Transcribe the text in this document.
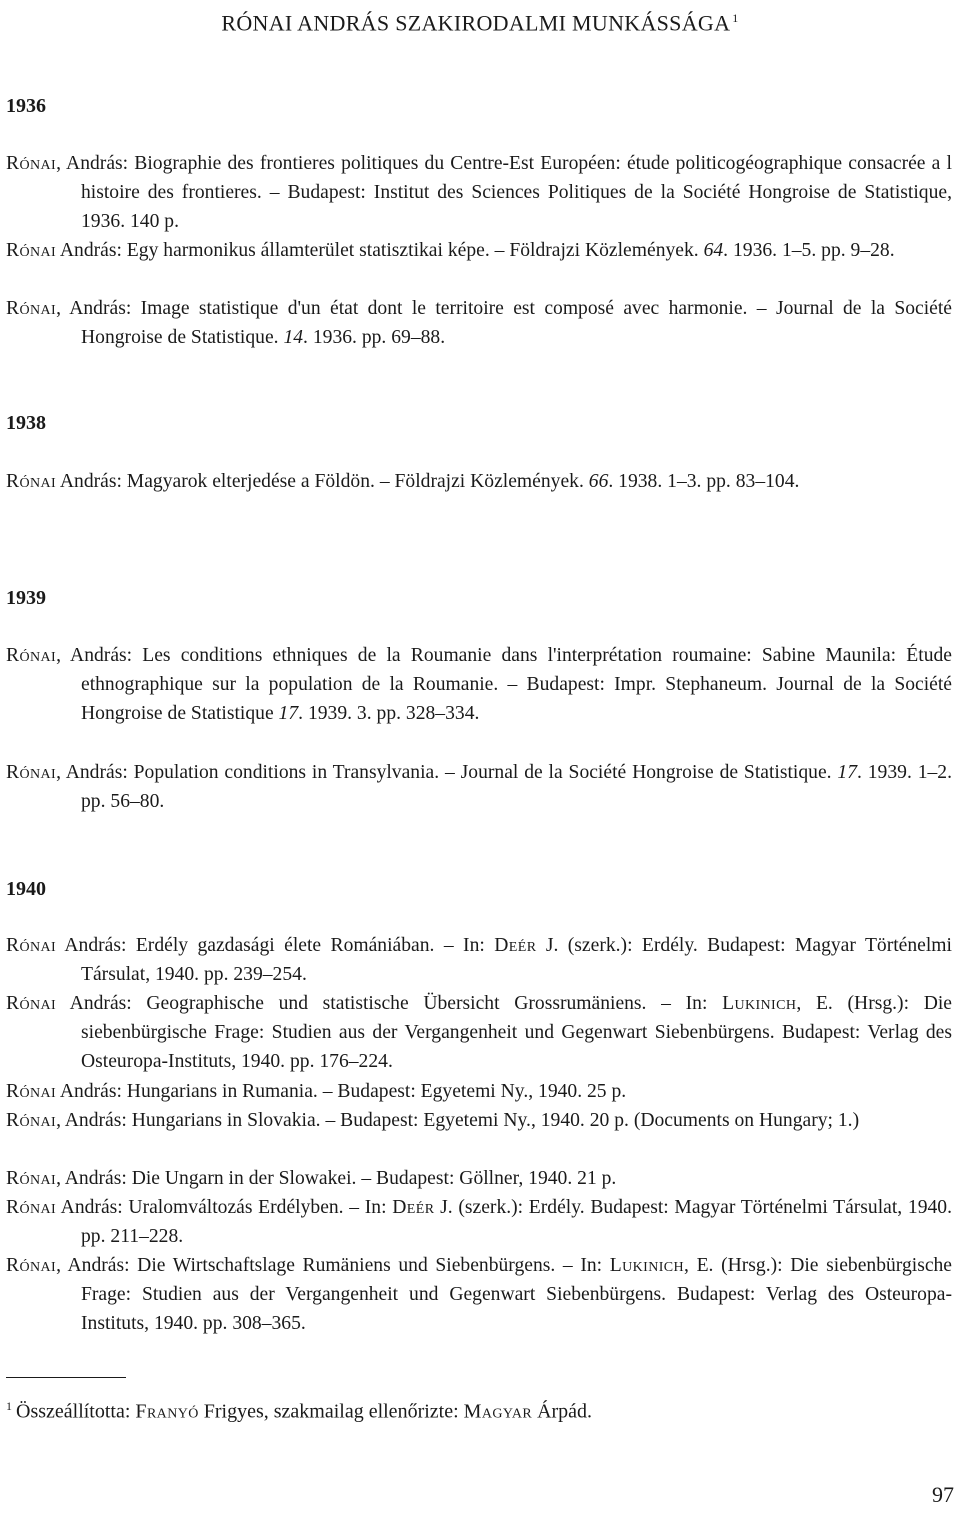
RÓNAI ANDRÁS SZAKIRODALMI MUNKÁSSÁGA $^1$
1936
Rónai, András: Biographie des frontieres politiques du Centre-Est Européen: étude politicogéographique consacrée a l histoire des frontieres. – Budapest: Institut des Sciences Politiques de la Société Hongroise de Statistique, 1936. 140 p.
Rónai András: Egy harmonikus államterület statisztikai képe. – Földrajzi Közlemények. 64. 1936. 1–5. pp. 9–28.
Rónai, András: Image statistique d'un état dont le territoire est composé avec harmonie. – Journal de la Société Hongroise de Statistique. 14. 1936. pp. 69–88.
1938
Rónai András: Magyarok elterjedése a Földön. – Földrajzi Közlemények. 66. 1938. 1–3. pp. 83–104.
1939
Rónai, András: Les conditions ethniques de la Roumanie dans l'interprétation roumaine: Sabine Maunila: Étude ethnographique sur la population de la Roumanie. – Budapest: Impr. Stephaneum. Journal de la Société Hongroise de Statistique 17. 1939. 3. pp. 328–334.
Rónai, András: Population conditions in Transylvania. – Journal de la Société Hongroise de Statistique. 17. 1939. 1–2. pp. 56–80.
1940
Rónai András: Erdély gazdasági élete Romániában. – In: Deér J. (szerk.): Erdély. Budapest: Magyar Történelmi Társulat, 1940. pp. 239–254.
Rónai András: Geographische und statistische Übersicht Grossrumäniens. – In: Lukinich, E. (Hrsg.): Die siebenbürgische Frage: Studien aus der Vergangenheit und Gegenwart Siebenbürgens. Budapest: Verlag des Osteuropa-Instituts, 1940. pp. 176–224.
Rónai András: Hungarians in Rumania. – Budapest: Egyetemi Ny., 1940. 25 p.
Rónai, András: Hungarians in Slovakia. – Budapest: Egyetemi Ny., 1940. 20 p. (Documents on Hungary; 1.)
Rónai, András: Die Ungarn in der Slowakei. – Budapest: Göllner, 1940. 21 p.
Rónai András: Uralomváltozás Erdélyben. – In: Deér J. (szerk.): Erdély. Budapest: Magyar Történelmi Társulat, 1940. pp. 211–228.
Rónai, András: Die Wirtschaftslage Rumäniens und Siebenbürgens. – In: Lukinich, E. (Hrsg.): Die siebenbürgische Frage: Studien aus der Vergangenheit und Gegenwart Siebenbürgens. Budapest: Verlag des Osteuropa-Instituts, 1940. pp. 308–365.
$^1$ Összeállította: Franyó Frigyes, szakmailag ellenőrizte: Magyar Árpád.
97
